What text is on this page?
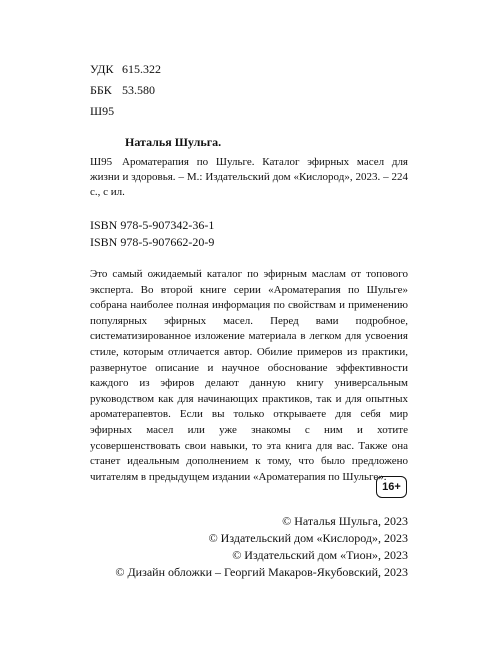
УДК 615.322
ББК 53.580
Ш95
Наталья Шульга.
Ш95 Ароматерапия по Шульге. Каталог эфирных масел для жизни и здоровья. – М.: Издательский дом «Кислород», 2023. – 224 с., с ил.
ISBN 978-5-907342-36-1
ISBN 978-5-907662-20-9
Это самый ожидаемый каталог по эфирным маслам от топового эксперта. Во второй книге серии «Ароматерапия по Шульге» собрана наиболее полная информация по свойствам и применению популярных эфирных масел. Перед вами подробное, систематизированное изложение материала в легком для усвоения стиле, которым отличается автор. Обилие примеров из практики, развернутое описание и научное обоснование эффективности каждого из эфиров делают данную книгу универсальным руководством как для начинающих практиков, так и для опытных ароматерапевтов. Если вы только открываете для себя мир эфирных масел или уже знакомы с ним и хотите усовершенствовать свои навыки, то эта книга для вас. Также она станет идеальным дополнением к тому, что было предложено читателям в предыдущем издании «Ароматерапия по Шульге».
16+
© Наталья Шульга, 2023
© Издательский дом «Кислород», 2023
© Издательский дом «Тион», 2023
© Дизайн обложки – Георгий Макаров-Якубовский, 2023
